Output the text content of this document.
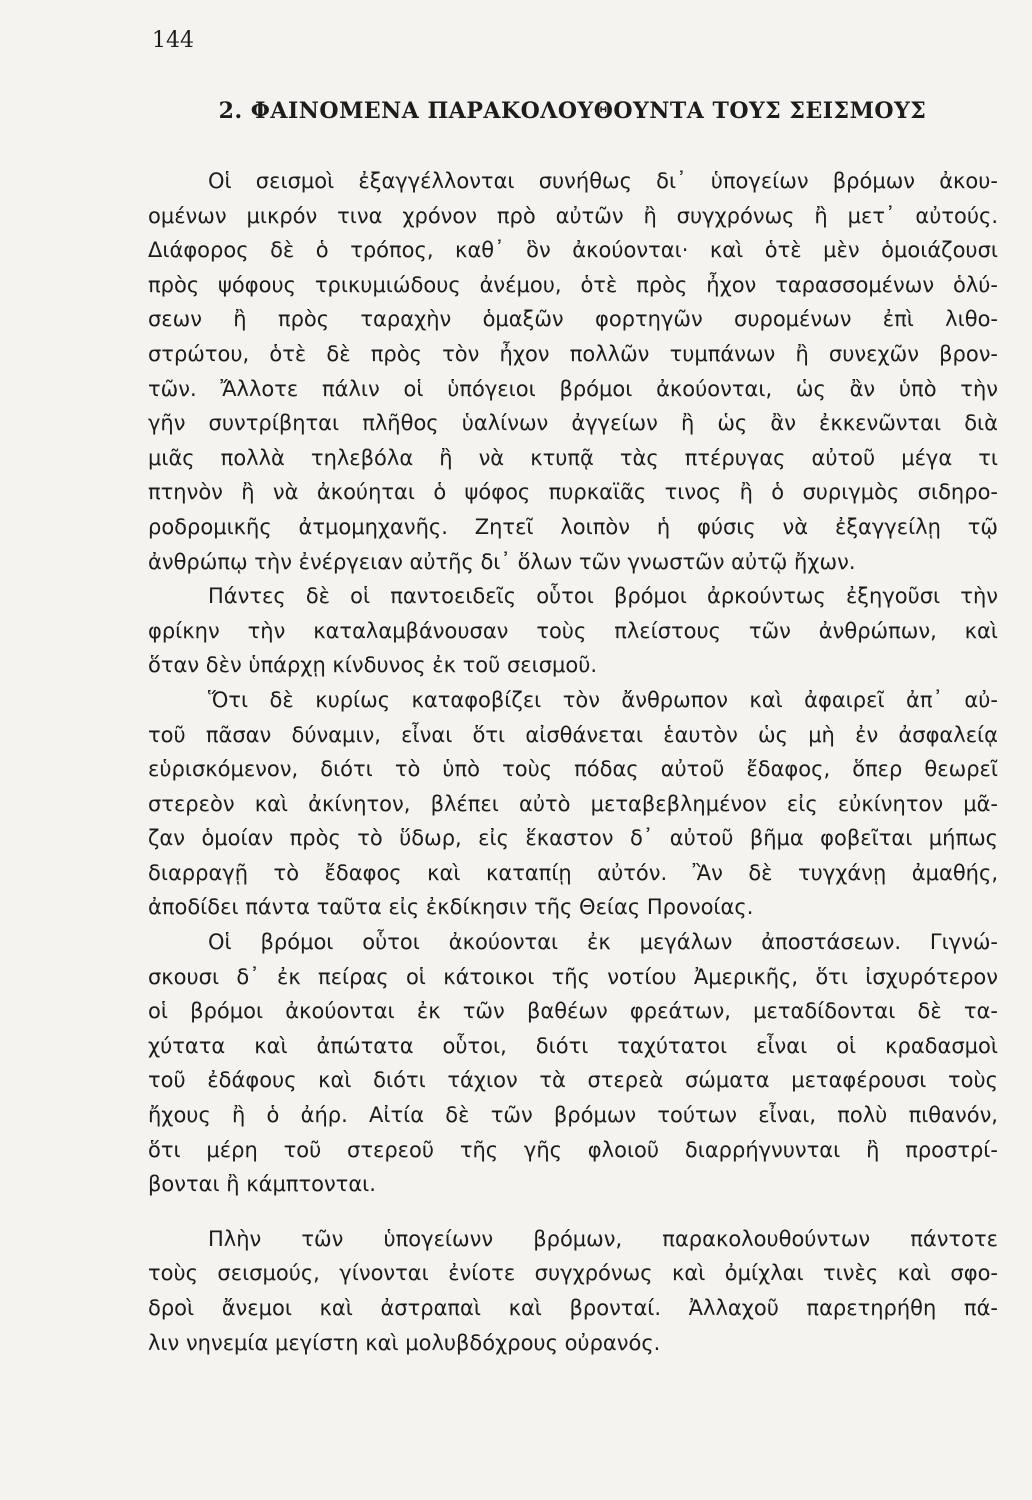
144
2. ΦΑΙΝΟΜΕΝΑ ΠΑΡΑΚΟΛΟΥΘΟΥΝΤΑ ΤΟΥΣ ΣΕΙΣΜΟΥΣ
Οἱ σεισμοὶ ἐξαγγέλλονται συνήθως δι᾽ ὑπογείων βρόμων ἀκου-
ομένων μικρόν τινα χρόνον πρὸ αὐτῶν ἢ συγχρόνως ἢ μετ᾽ αὐτούς.
Διάφορος δὲ ὁ τρόπος, καθ᾽ ὃν ἀκούονται· καὶ ὁτὲ μὲν ὁμοιάζουσι
πρὸς ψόφους τρικυμιώδους ἀνέμου, ὁτὲ πρὸς ἦχον ταρασσομένων ὁλύ-
σεων ἢ πρὸς ταραχὴν ὁμαξῶν φορτηγῶν συρομένων ἐπὶ λιθο-
στρώτου, ὁτὲ δὲ πρὸς τὸν ἦχον πολλῶν τυμπάνων ἢ συνεχῶν βρον-
τῶν. Ἄλλοτε πάλιν οἱ ὑπόγειοι βρόμοι ἀκούονται, ὡς ἂν ὑπὸ τὴν
γῆν συντρίβηται πλῆθος ὑαλίνων ἀγγείων ἢ ὡς ἂν ἐκκενῶνται διὰ
μιᾶς πολλὰ τηλεβόλα ἢ νὰ κτυπᾷ τὰς πτέρυγας αὐτοῦ μέγα τι
πτηνὸν ἢ νὰ ἀκούηται ὁ ψόφος πυρκαϊᾶς τινος ἢ ὁ συριγμὸς σιδηρο-
ροδρομικῆς ἀτμομηχανῆς. Ζητεῖ λοιπὸν ἡ φύσις νὰ ἐξαγγείλῃ τῷ
ἀνθρώπῳ τὴν ἐνέργειαν αὐτῆς δι᾽ ὅλων τῶν γνωστῶν αὐτῷ ἤχων.
Πάντες δὲ οἱ παντοειδεῖς οὗτοι βρόμοι ἀρκούντως ἐξηγοῦσι τὴν
φρίκην τὴν καταλαμβάνουσαν τοὺς πλείστους τῶν ἀνθρώπων, καὶ
ὅταν δὲν ὑπάρχῃ κίνδυνος ἐκ τοῦ σεισμοῦ.
Ὅτι δὲ κυρίως καταφοβίζει τὸν ἄνθρωπον καὶ ἀφαιρεῖ ἀπ᾽ αὐ-
τοῦ πᾶσαν δύναμιν, εἶναι ὅτι αἰσθάνεται ἑαυτὸν ὡς μὴ ἐν ἀσφαλείᾳ
εὑρισκόμενον, διότι τὸ ὑπὸ τοὺς πόδας αὐτοῦ ἔδαφος, ὅπερ θεωρεῖ
στερεὸν καὶ ἀκίνητον, βλέπει αὐτὸ μεταβεβλημένον εἰς εὐκίνητον μᾶ-
ζαν ὁμοίαν πρὸς τὸ ὕδωρ, εἰς ἕκαστον δ᾽ αὐτοῦ βῆμα φοβεῖται μήπως
διαρραγῇ τὸ ἔδαφος καὶ καταπίῃ αὐτόν. Ἂν δὲ τυγχάνῃ ἀμαθής,
ἀποδίδει πάντα ταῦτα εἰς ἐκδίκησιν τῆς Θείας Προνοίας.
Οἱ βρόμοι οὗτοι ἀκούονται ἐκ μεγάλων ἀποστάσεων. Γιγνώ-
σκουσι δ᾽ ἐκ πείρας οἱ κάτοικοι τῆς νοτίου Ἀμερικῆς, ὅτι ἰσχυρότερον
οἱ βρόμοι ἀκούονται ἐκ τῶν βαθέων φρεάτων, μεταδίδονται δὲ τα-
χύτατα καὶ ἀπώτατα οὗτοι, διότι ταχύτατοι εἶναι οἱ κραδασμοὶ
τοῦ ἐδάφους καὶ διότι τάχιον τὰ στερεὰ σώματα μεταφέρουσι τοὺς
ἤχους ἢ ὁ ἀήρ. Αἰτία δὲ τῶν βρόμων τούτων εἶναι, πολὺ πιθανόν,
ὅτι μέρη τοῦ στερεοῦ τῆς γῆς φλοιοῦ διαρρήγνυνται ἢ προστρί-
βονται ἢ κάμπτονται.
Πλὴν τῶν ὑπογείωνν βρόμων, παρακολουθούντων πάντοτε
τοὺς σεισμούς, γίνονται ἐνίοτε συγχρόνως καὶ ὀμίχλαι τινὲς καὶ σφο-
δροὶ ἄνεμοι καὶ ἀστραπαὶ καὶ βρονταί. Ἀλλαχοῦ παρετηρήθη πά-
λιν νηνεμία μεγίστη καὶ μολυβδόχρους οὐρανός.
